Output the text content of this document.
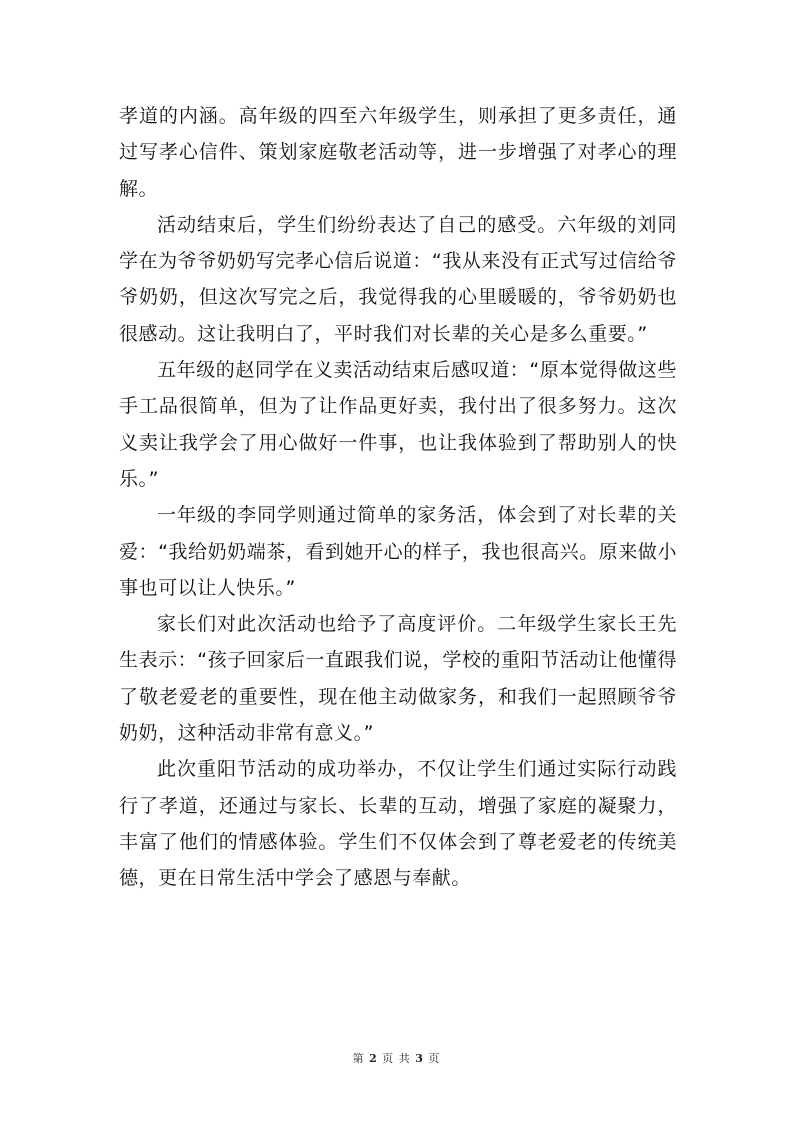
孝道的内涵。高年级的四至六年级学生，则承担了更多责任，通过写孝心信件、策划家庭敬老活动等，进一步增强了对孝心的理解。

活动结束后，学生们纷纷表达了自己的感受。六年级的刘同学在为爷爷奶奶写完孝心信后说道：“我从来没有正式写过信给爷爷奶奶，但这次写完之后，我觉得我的心里暖暖的，爷爷奶奶也很感动。这让我明白了，平时我们对长辈的关心是多么重要。”

五年级的赵同学在义卖活动结束后感叹道：“原本觉得做这些手工品很简单，但为了让作品更好卖，我付出了很多努力。这次义卖让我学会了用心做好一件事，也让我体验到了帮助别人的快乐。”

一年级的李同学则通过简单的家务活，体会到了对长辈的关爱：“我给奶奶端茶，看到她开心的样子，我也很高兴。原来做小事也可以让人快乐。”

家长们对此次活动也给予了高度评价。二年级学生家长王先生表示：“孩子回家后一直跟我们说，学校的重阳节活动让他懂得了敬老爱老的重要性，现在他主动做家务，和我们一起照顾爷爷奶奶，这种活动非常有意义。”

此次重阳节活动的成功举办，不仅让学生们通过实际行动践行了孝道，还通过与家长、长辈的互动，增强了家庭的凝聚力，丰富了他们的情感体验。学生们不仅体会到了尊老爱老的传统美德，更在日常生活中学会了感恩与奉献。

第 2 页 共 3 页
